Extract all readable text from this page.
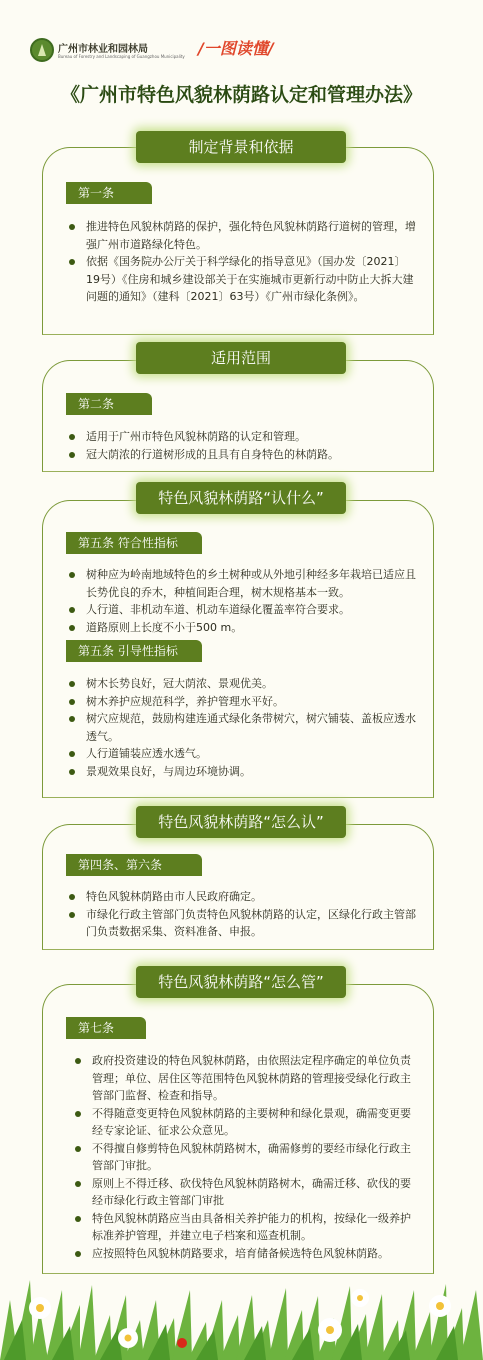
广州市林业和园林局
Bureau of Forestry and Landscaping of Guangzhou Municipality /一图读懂/
《广州市特色风貌林荫路认定和管理办法》
制定背景和依据
第一条
推进特色风貌林荫路的保护，强化特色风貌林荫路行道树的管理，增强广州市道路绿化特色。
依据《国务院办公厅关于科学绿化的指导意见》（国办发〔2021〕19号）《住房和城乡建设部关于在实施城市更新行动中防止大拆大建问题的通知》（建科〔2021〕63号）《广州市绿化条例》。
适用范围
第二条
适用于广州市特色风貌林荫路的认定和管理。
冠大荫浓的行道树形成的且具有自身特色的林荫路。
特色风貌林荫路“认什么”
第五条 符合性指标
树种应为岭南地域特色的乡土树种或从外地引种经多年栽培已适应且长势优良的乔木，种植间距合理，树木规格基本一致。
人行道、非机动车道、机动车道绿化覆盖率符合要求。
道路原则上长度不小于500 m。
第五条 引导性指标
树木长势良好，冠大荫浓、景观优美。
树木养护应规范科学，养护管理水平好。
树穴应规范，鼓励构建连通式绿化条带树穴，树穴铺装、盖板应透水透气。
人行道铺装应透水透气。
景观效果良好，与周边环境协调。
特色风貌林荫路“怎么认”
第四条、第六条
特色风貌林荫路由市人民政府确定。
市绿化行政主管部门负责特色风貌林荫路的认定，区绿化行政主管部门负责数据采集、资料准备、申报。
特色风貌林荫路“怎么管”
第七条
政府投资建设的特色风貌林荫路，由依照法定程序确定的单位负责管理；单位、居住区等范围特色风貌林荫路的管理接受绿化行政主管部门监督、检查和指导。
不得随意变更特色风貌林荫路的主要树种和绿化景观，确需变更要经专家论证、征求公众意见。
不得擅自修剪特色风貌林荫路树木，确需修剪的要经市绿化行政主管部门审批。
原则上不得迁移、砍伐特色风貌林荫路树木，确需迁移、砍伐的要经市绿化行政主管部门审批
特色风貌林荫路应当由具备相关养护能力的机构，按绿化一级养护标准养护管理，并建立电子档案和巡查机制。
应按照特色风貌林荫路要求，培育储备候选特色风貌林荫路。
